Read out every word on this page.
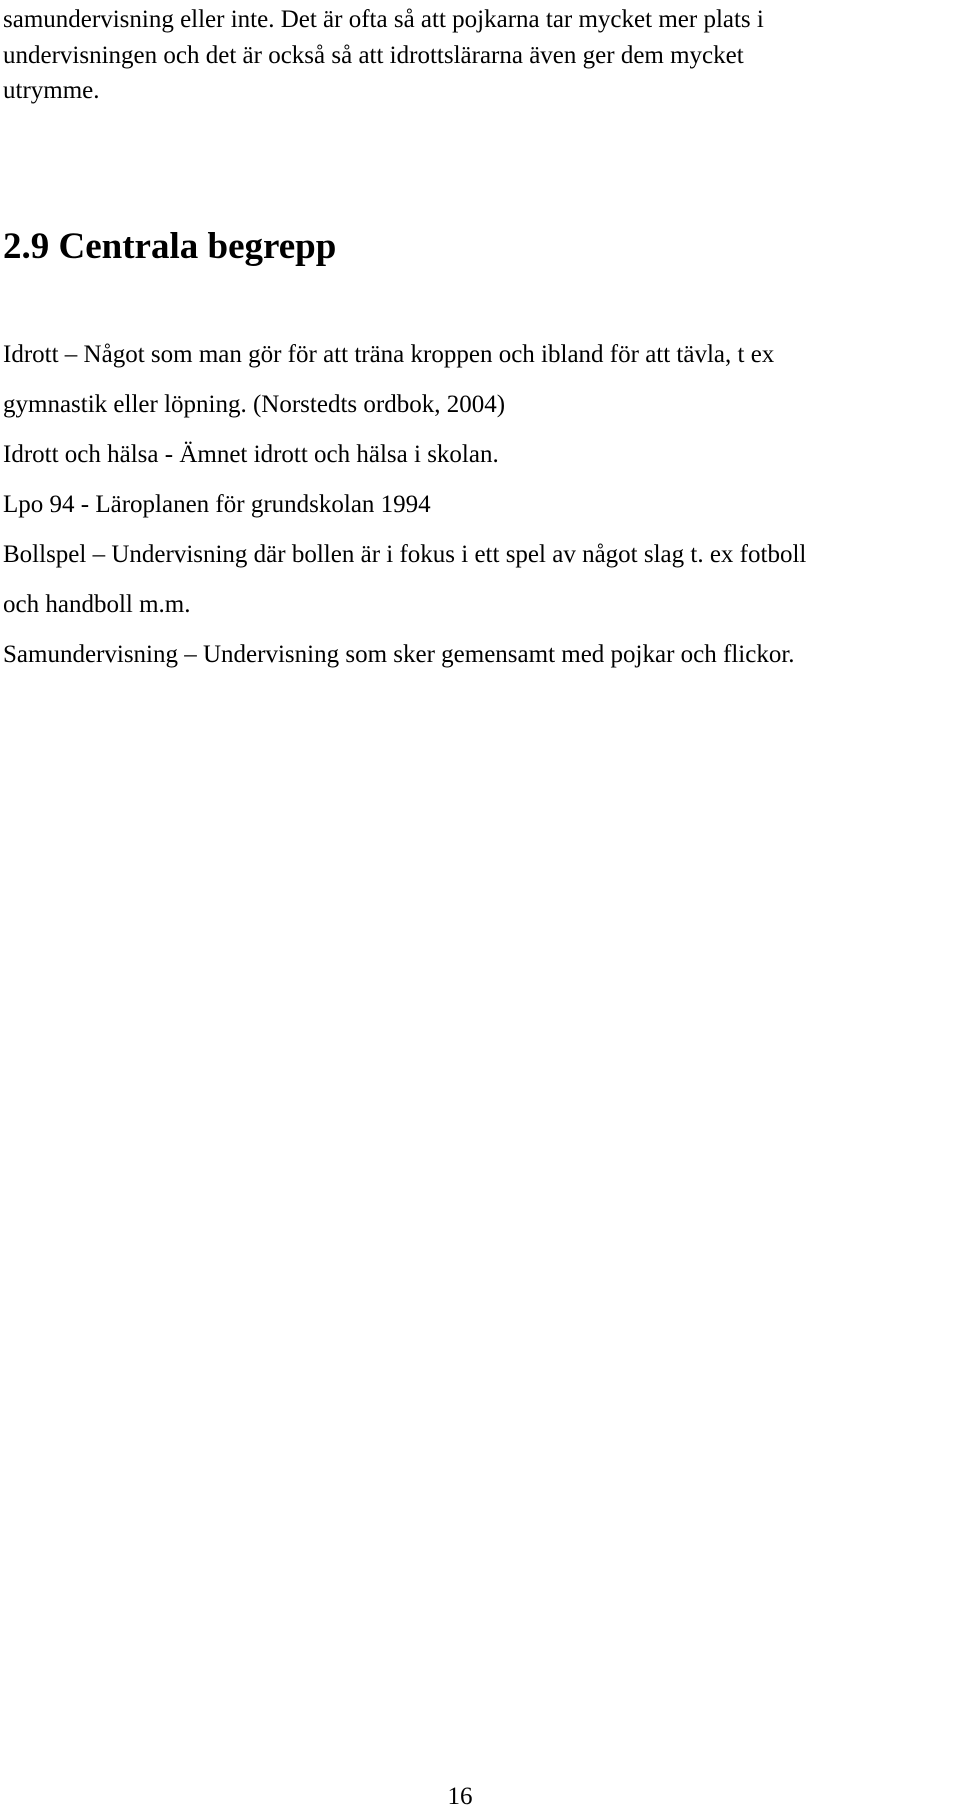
samundervisning eller inte. Det är ofta så att pojkarna tar mycket mer plats i
undervisningen och det är också så att idrottslärarna även ger dem mycket
utrymme.

2.9 Centrala begrepp
Idrott – Något som man gör för att träna kroppen och ibland för att tävla, t ex
gymnastik eller löpning. (Norstedts ordbok, 2004)
Idrott och hälsa - Ämnet idrott och hälsa i skolan.
Lpo 94 - Läroplanen för grundskolan 1994
Bollspel – Undervisning där bollen är i fokus i ett spel av något slag t. ex fotboll
och handboll m.m.
Samundervisning – Undervisning som sker gemensamt med pojkar och flickor.
16
